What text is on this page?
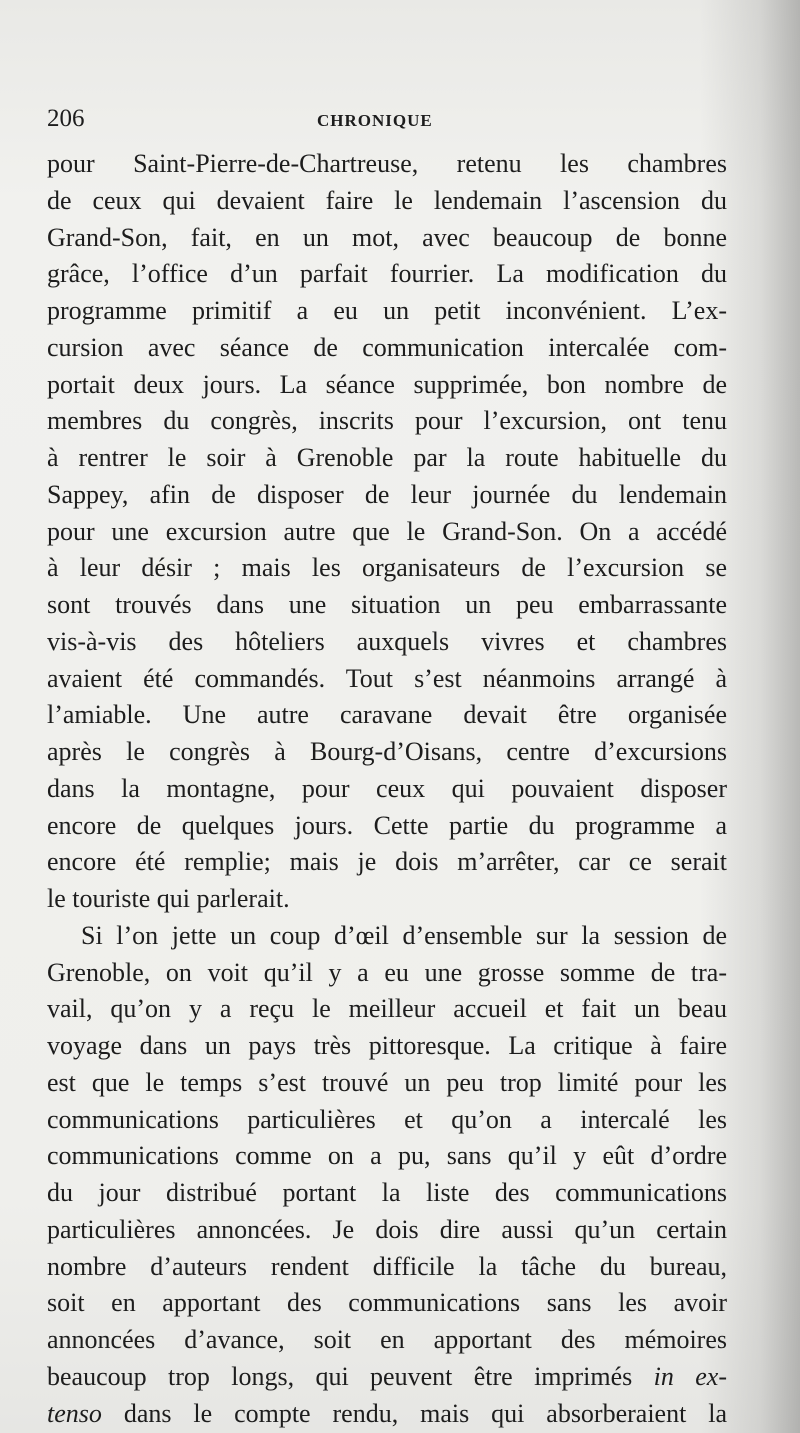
206	CHRONIQUE
pour Saint-Pierre-de-Chartreuse, retenu les chambres
de ceux qui devaient faire le lendemain l’ascension du
Grand-Son, fait, en un mot, avec beaucoup de bonne
grâce, l’office d’un parfait fourrier. La modification du
programme primitif a eu un petit inconvénient. L’ex-
cursion avec séance de communication intercalée com-
portait deux jours. La séance supprimée, bon nombre de
membres du congrès, inscrits pour l’excursion, ont tenu
à rentrer le soir à Grenoble par la route habituelle du
Sappey, afin de disposer de leur journée du lendemain
pour une excursion autre que le Grand-Son. On a accédé
à leur désir ; mais les organisateurs de l’excursion se
sont trouvés dans une situation un peu embarrassante
vis-à-vis des hôteliers auxquels vivres et chambres
avaient été commandés. Tout s’est néanmoins arrangé à
l’amiable. Une autre caravane devait être organisée
après le congrès à Bourg-d’Oisans, centre d’excursions
dans la montagne, pour ceux qui pouvaient disposer
encore de quelques jours. Cette partie du programme a
encore été remplie; mais je dois m’arrêter, car ce serait
le touriste qui parlerait.
Si l’on jette un coup d’œil d’ensemble sur la session de
Grenoble, on voit qu’il y a eu une grosse somme de tra-
vail, qu’on y a reçu le meilleur accueil et fait un beau
voyage dans un pays très pittoresque. La critique à faire
est que le temps s’est trouvé un peu trop limité pour les
communications particulières et qu’on a intercalé les
communications comme on a pu, sans qu’il y eût d’ordre
du jour distribué portant la liste des communications
particulières annoncées. Je dois dire aussi qu’un certain
nombre d’auteurs rendent difficile la tâche du bureau,
soit en apportant des communications sans les avoir
annoncées d’avance, soit en apportant des mémoires
beaucoup trop longs, qui peuvent être imprimés in ex-
tenso dans le compte rendu, mais qui absorberaient la
